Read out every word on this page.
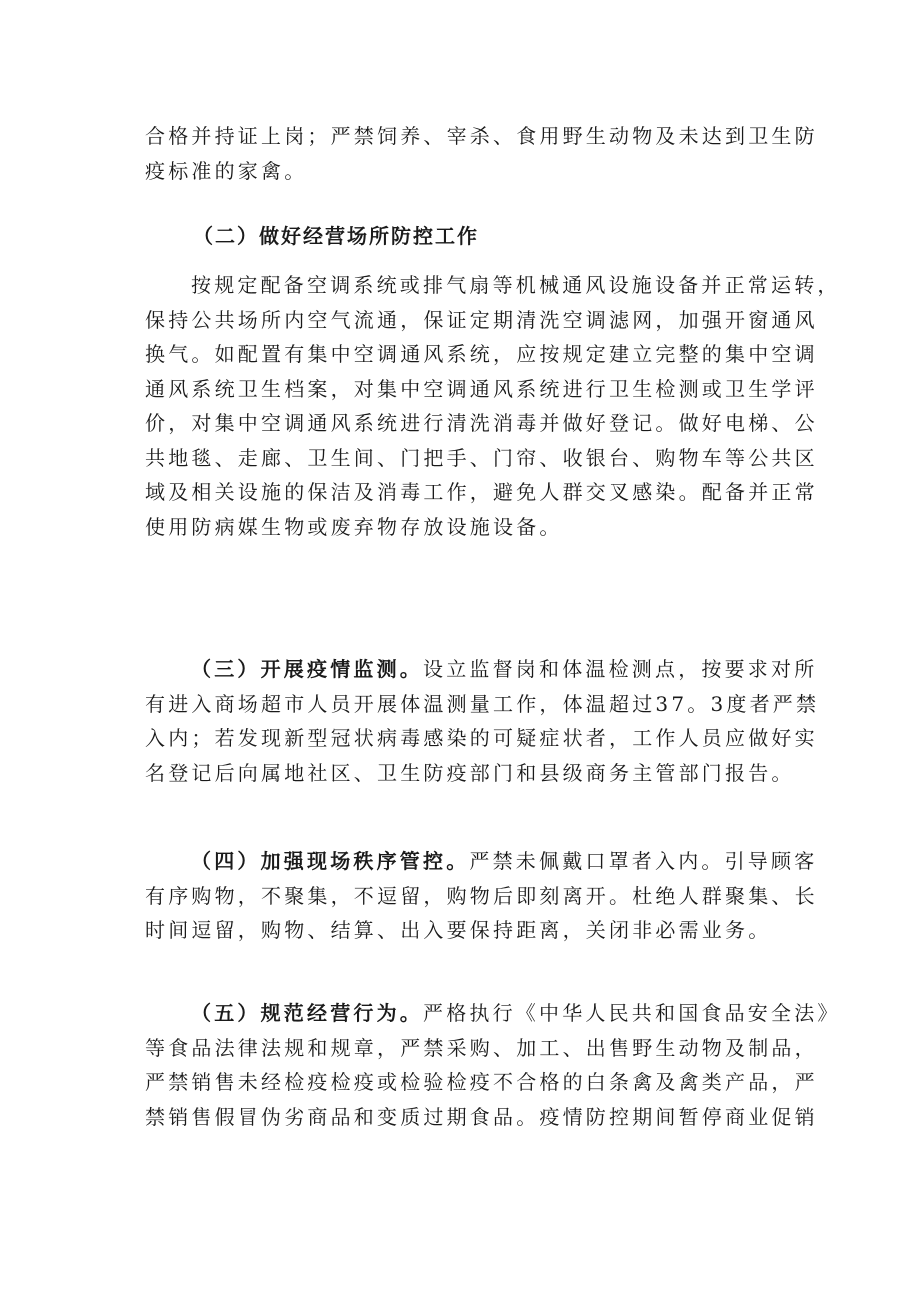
合格并持证上岗；严禁饲养、宰杀、食用野生动物及未达到卫生防
疫标准的家禽。
（二）做好经营场所防控工作
按规定配备空调系统或排气扇等机械通风设施设备并正常运转，
保持公共场所内空气流通，保证定期清洗空调滤网，加强开窗通风
换气。如配置有集中空调通风系统，应按规定建立完整的集中空调
通风系统卫生档案，对集中空调通风系统进行卫生检测或卫生学评
价，对集中空调通风系统进行清洗消毒并做好登记。做好电梯、公
共地毯、走廊、卫生间、门把手、门帘、收银台、购物车等公共区
域及相关设施的保洁及消毒工作，避免人群交叉感染。配备并正常
使用防病媒生物或废弃物存放设施设备。
（三）开展疫情监测。设立监督岗和体温检测点，按要求对所
有进入商场超市人员开展体温测量工作，体温超过37。3度者严禁
入内；若发现新型冠状病毒感染的可疑症状者，工作人员应做好实
名登记后向属地社区、卫生防疫部门和县级商务主管部门报告。
（四）加强现场秩序管控。严禁未佩戴口罩者入内。引导顾客
有序购物，不聚集，不逗留，购物后即刻离开。杜绝人群聚集、长
时间逗留，购物、结算、出入要保持距离，关闭非必需业务。
（五）规范经营行为。严格执行《中华人民共和国食品安全法》
等食品法律法规和规章，严禁采购、加工、出售野生动物及制品，
严禁销售未经检疫检疫或检验检疫不合格的白条禽及禽类产品，严
禁销售假冒伪劣商品和变质过期食品。疫情防控期间暂停商业促销
